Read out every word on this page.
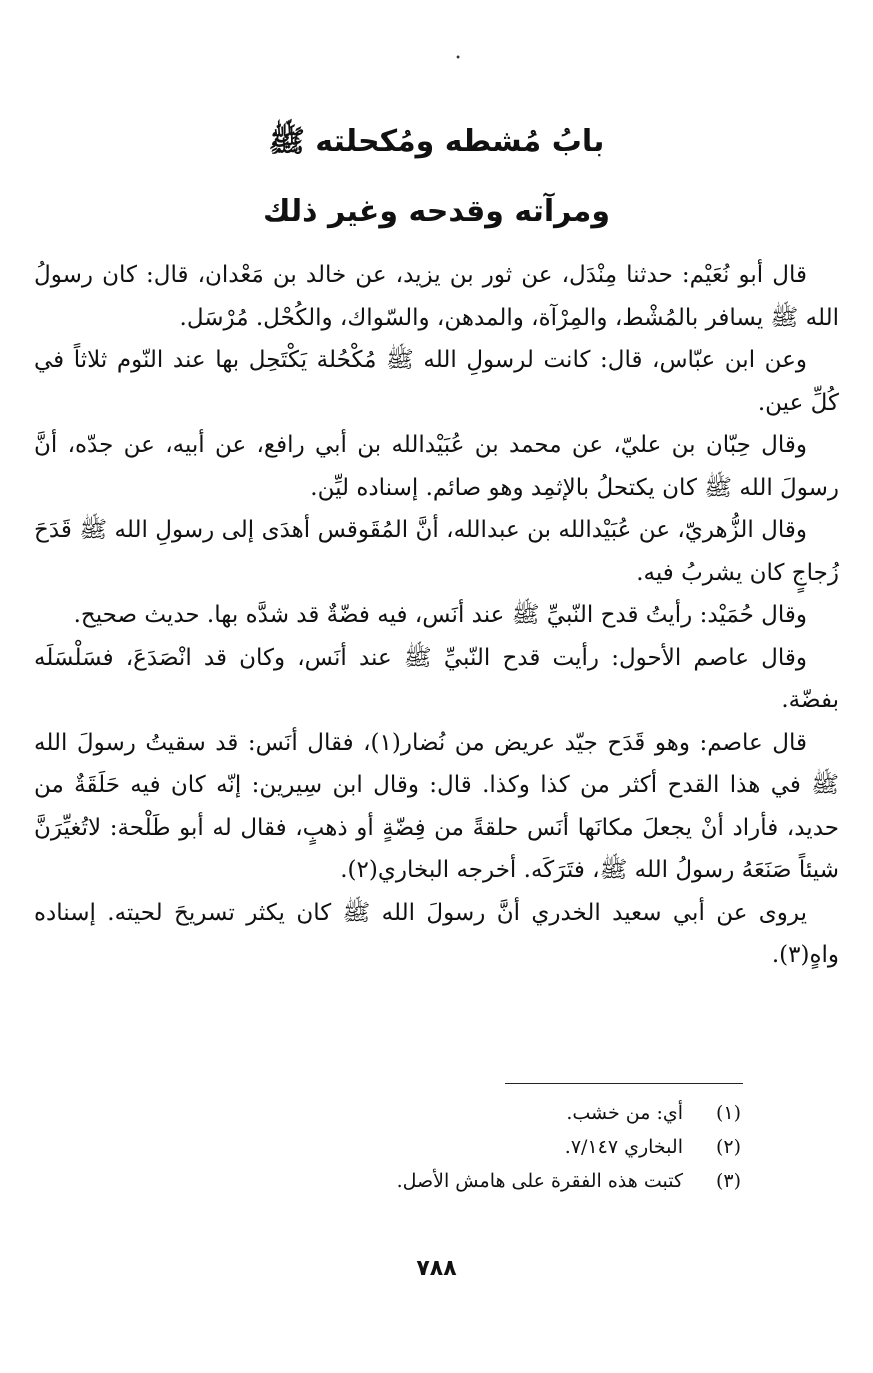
•
بابُ مُشطه ومُكحلته ﷺ
ومرآته وقدحه وغير ذلك

قال أبو نُعَيْم: حدثنا مِنْدَل، عن ثور بن يزيد، عن خالد بن مَعْدان، قال: كان رسولُ الله ﷺ يسافر بالمُشْط، والمِرْآة، والمدهن، والسّواك، والكُحْل. مُرْسَل.

وعن ابن عبّاس، قال: كانت لرسولِ الله ﷺ مُكْحُلة يَكْتَحِل بها عند النّوم ثلاثاً في كُلِّ عين.

وقال حِبّان بن عليّ، عن محمد بن عُبَيْدالله بن أبي رافع، عن أبيه، عن جدّه، أنَّ رسولَ الله ﷺ كان يكتحلُ بالإثمِد وهو صائم. إسناده ليِّن.

وقال الزُّهريّ، عن عُبَيْدالله بن عبدالله، أنَّ المُقَوقس أهدَى إلى رسولِ الله ﷺ قَدَحَ زُجاجٍ كان يشربُ فيه.

وقال حُمَيْد: رأيتُ قدح النّبيِّ ﷺ عند أنَس، فيه فضّةٌ قد شدَّه بها. حديث صحيح.

وقال عاصم الأحول: رأيت قدح النّبيِّ ﷺ عند أنَس، وكان قد انْصَدَعَ، فسَلْسَلَه بفضّة.

قال عاصم: وهو قَدَح جيّد عريض من نُضار(١)، فقال أنَس: قد سقيتُ رسولَ الله ﷺ في هذا القدح أكثر من كذا وكذا. قال: وقال ابن سِيرين: إنّه كان فيه حَلَقَةٌ من حديد، فأراد أنْ يجعلَ مكانَها أنَس حلقةً من فِضّةٍ أو ذهبٍ، فقال له أبو طَلْحة: لاتُغيِّرَنَّ شيئاً صَنَعَهُ رسولُ الله ﷺ، فتَرَكَه. أخرجه البخاري(٢).

يروى عن أبي سعيد الخدري أنَّ رسولَ الله ﷺ كان يكثر تسريحَ لحيته. إسناده واهٍ(٣).

(١)
أي: من خشب.

(٢)
البخاري ٧/١٤٧.

(٣)
كتبت هذه الفقرة على هامش الأصل.

٧٨٨
